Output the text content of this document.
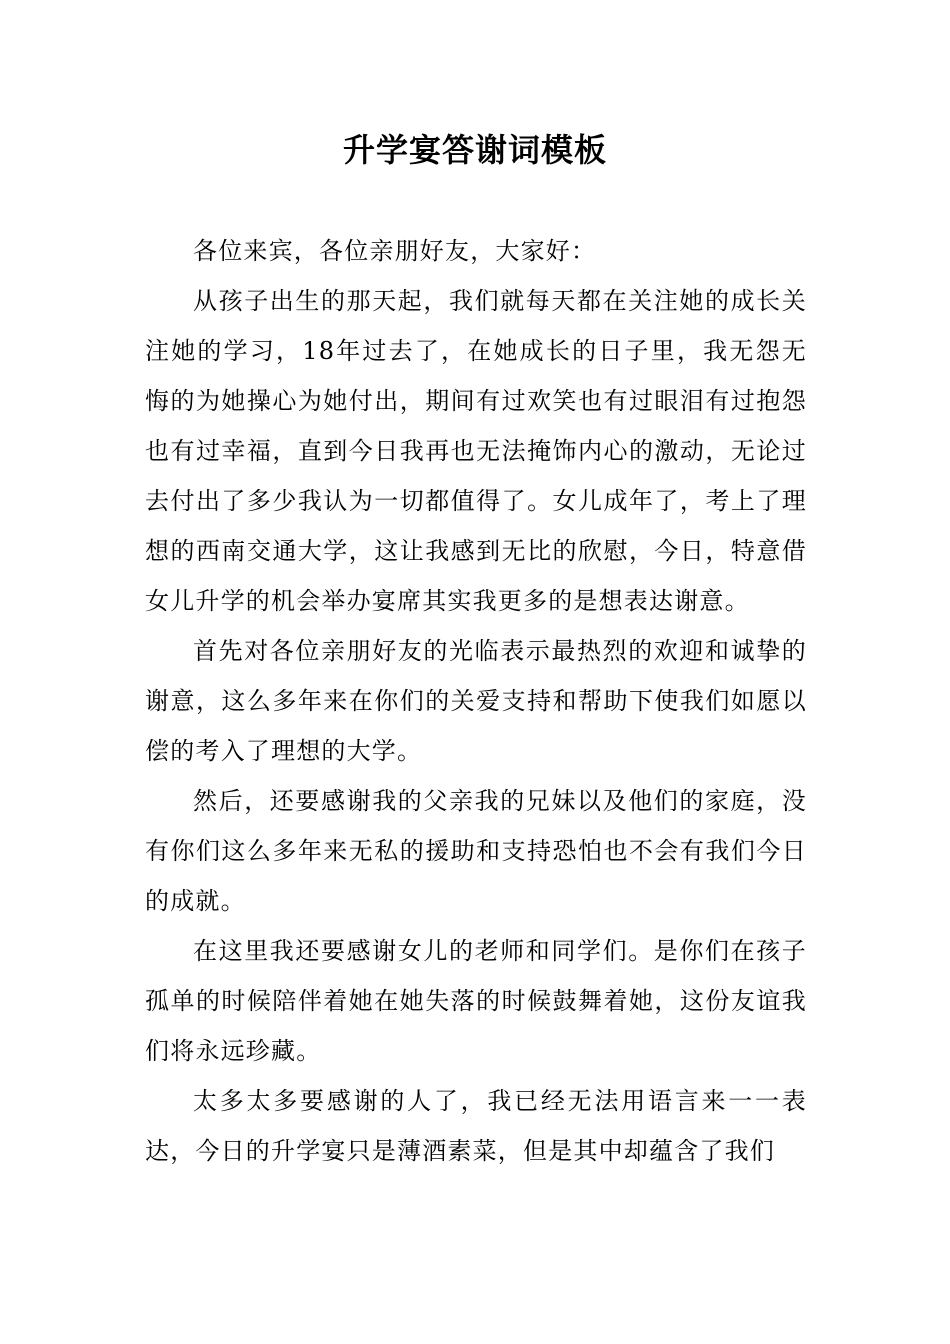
升学宴答谢词模板

各位来宾，各位亲朋好友，大家好：

从孩子出生的那天起，我们就每天都在关注她的成长关注她的学习，18年过去了，在她成长的日子里，我无怨无悔的为她操心为她付出，期间有过欢笑也有过眼泪有过抱怨也有过幸福，直到今日我再也无法掩饰内心的激动，无论过去付出了多少我认为一切都值得了。女儿成年了，考上了理想的西南交通大学，这让我感到无比的欣慰，今日，特意借女儿升学的机会举办宴席其实我更多的是想表达谢意。

首先对各位亲朋好友的光临表示最热烈的欢迎和诚挚的谢意，这么多年来在你们的关爱支持和帮助下使我们如愿以偿的考入了理想的大学。

然后，还要感谢我的父亲我的兄妹以及他们的家庭，没有你们这么多年来无私的援助和支持恐怕也不会有我们今日的成就。

在这里我还要感谢女儿的老师和同学们。是你们在孩子孤单的时候陪伴着她在她失落的时候鼓舞着她，这份友谊我们将永远珍藏。

太多太多要感谢的人了，我已经无法用语言来一一表达，今日的升学宴只是薄酒素菜，但是其中却蕴含了我们
